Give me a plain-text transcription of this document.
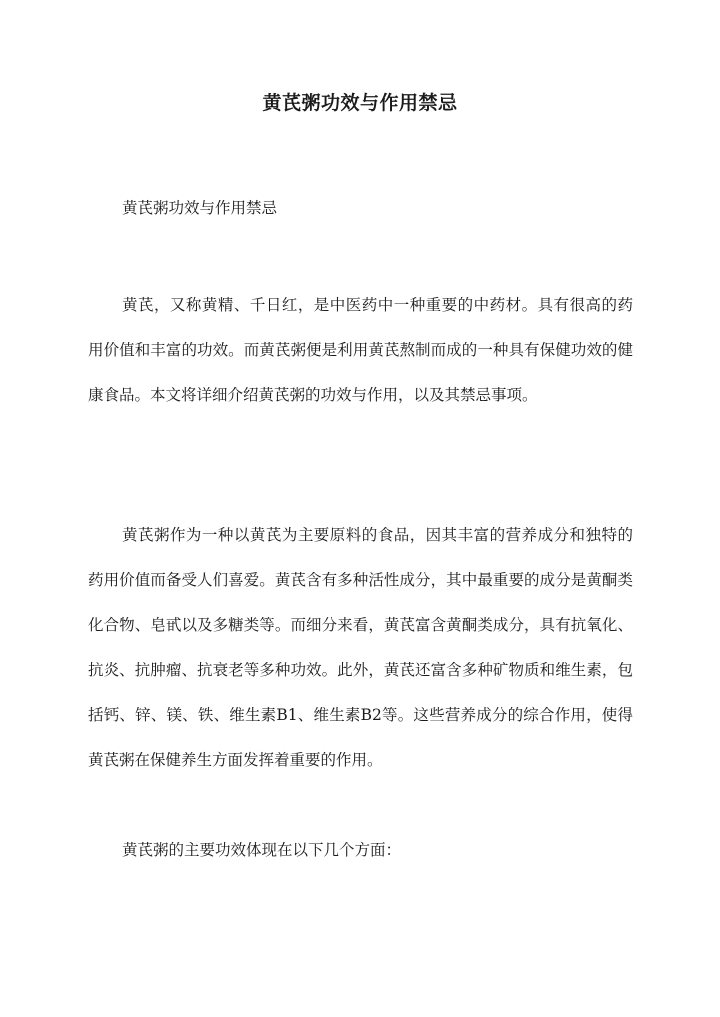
黄芪粥功效与作用禁忌
黄芪粥功效与作用禁忌

黄芪，又称黄精、千日红，是中医药中一种重要的中药材。具有很高的药用价值和丰富的功效。而黄芪粥便是利用黄芪熬制而成的一种具有保健功效的健康食品。本文将详细介绍黄芪粥的功效与作用，以及其禁忌事项。

黄芪粥作为一种以黄芪为主要原料的食品，因其丰富的营养成分和独特的药用价值而备受人们喜爱。黄芪含有多种活性成分，其中最重要的成分是黄酮类化合物、皂甙以及多糖类等。而细分来看，黄芪富含黄酮类成分，具有抗氧化、抗炎、抗肿瘤、抗衰老等多种功效。此外，黄芪还富含多种矿物质和维生素，包括钙、锌、镁、铁、维生素B1、维生素B2等。这些营养成分的综合作用，使得黄芪粥在保健养生方面发挥着重要的作用。

黄芪粥的主要功效体现在以下几个方面：
